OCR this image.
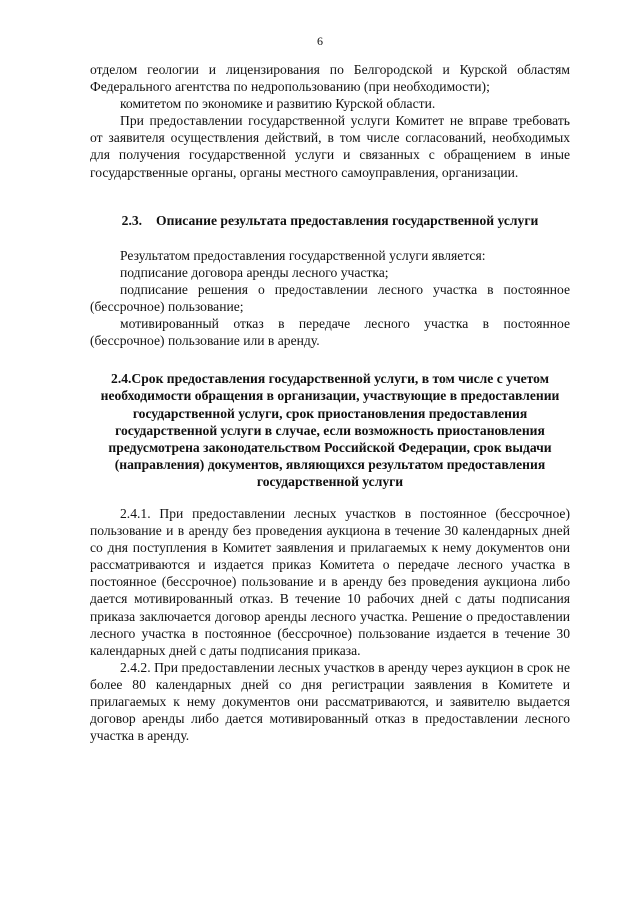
6

отделом геологии и лицензирования по Белгородской и Курской областям Федерального агентства по недропользованию (при необходимости);

комитетом по экономике и развитию Курской области.

При предоставлении государственной услуги Комитет не вправе требовать от заявителя осуществления действий, в том числе согласований, необходимых для получения государственной услуги и связанных с обращением в иные государственные органы, органы местного самоуправления, организации.

2.3. Описание результата предоставления государственной услуги

Результатом предоставления государственной услуги является:

подписание договора аренды лесного участка;

подписание решения о предоставлении лесного участка в постоянное (бессрочное) пользование;

мотивированный отказ в передаче лесного участка в постоянное (бессрочное) пользование или в аренду.

2.4.Срок предоставления государственной услуги, в том числе с учетом необходимости обращения в организации, участвующие в предоставлении государственной услуги, срок приостановления предоставления государственной услуги в случае, если возможность приостановления предусмотрена законодательством Российской Федерации, срок выдачи (направления) документов, являющихся результатом предоставления государственной услуги

2.4.1. При предоставлении лесных участков в постоянное (бессрочное) пользование и в аренду без проведения аукциона в течение 30 календарных дней со дня поступления в Комитет заявления и прилагаемых к нему документов они рассматриваются и издается приказ Комитета о передаче лесного участка в постоянное (бессрочное) пользование и в аренду без проведения аукциона либо дается мотивированный отказ. В течение 10 рабочих дней с даты подписания приказа заключается договор аренды лесного участка. Решение о предоставлении лесного участка в постоянное (бессрочное) пользование издается в течение 30 календарных дней с даты подписания приказа.

2.4.2. При предоставлении лесных участков в аренду через аукцион в срок не более 80 календарных дней со дня регистрации заявления в Комитете и прилагаемых к нему документов они рассматриваются, и заявителю выдается договор аренды либо дается мотивированный отказ в предоставлении лесного участка в аренду.
